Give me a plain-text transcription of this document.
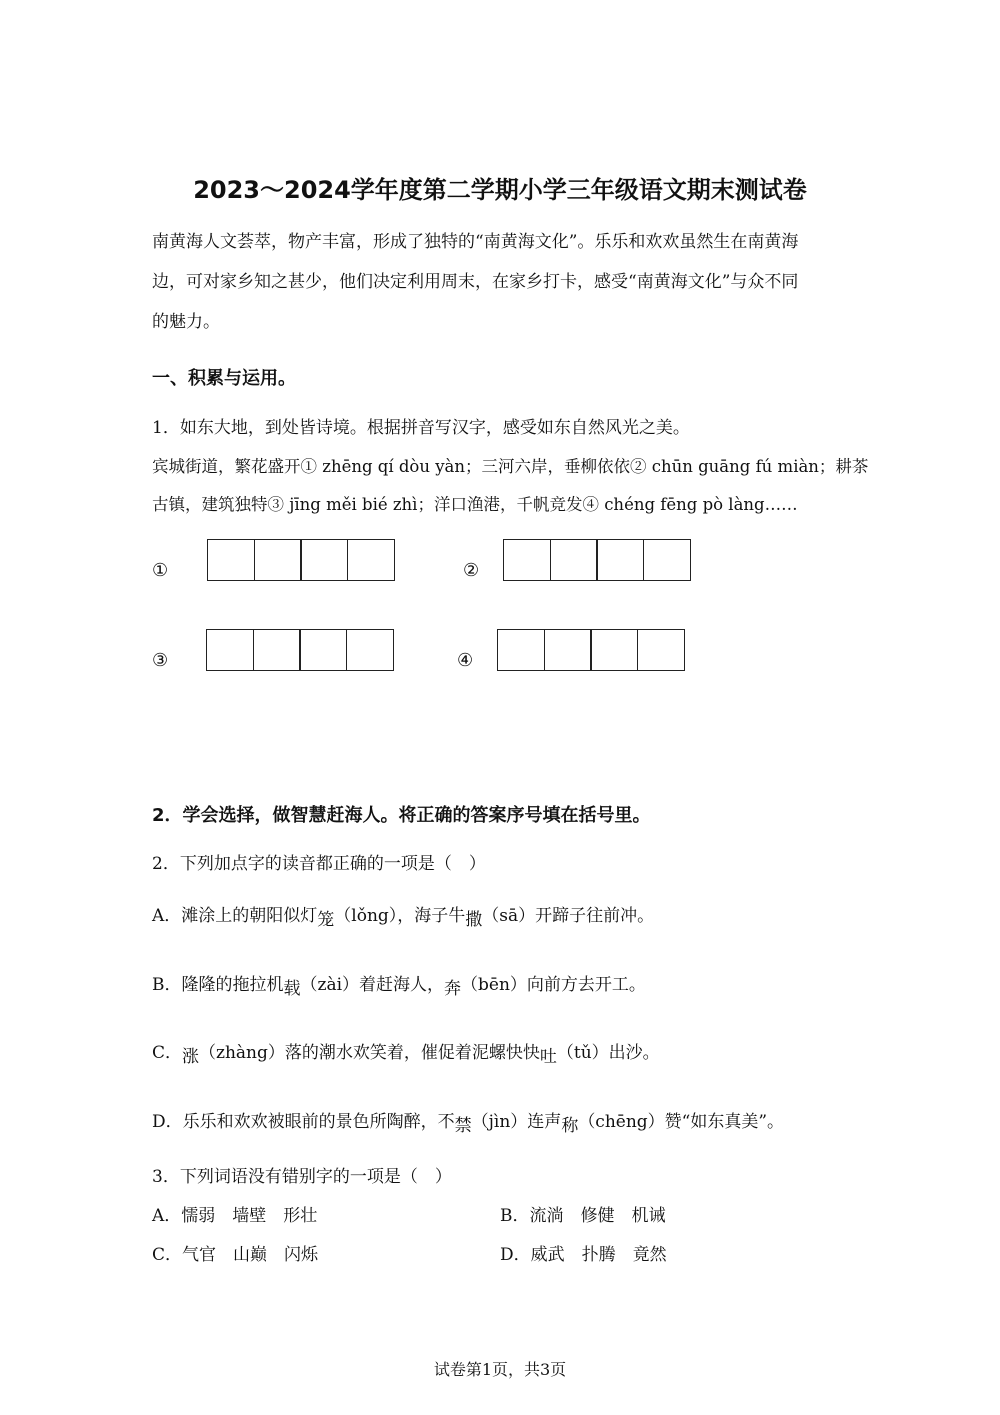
2023～2024学年度第二学期小学三年级语文期末测试卷
南黄海人文荟萃，物产丰富，形成了独特的“南黄海文化”。乐乐和欢欢虽然生在南黄海
边，可对家乡知之甚少，他们决定利用周末，在家乡打卡，感受“南黄海文化”与众不同
的魅力。
一、积累与运用。
1．如东大地，到处皆诗境。根据拼音写汉字，感受如东自然风光之美。
宾城街道，繁花盛开① zhēng qí dòu yàn；三河六岸，垂柳依依② chūn guāng fú miàn；耕茶
古镇，建筑独特③ jīng měi bié zhì；洋口渔港，千帆竞发④ chéng fēng pò làng……
①	②
③	④
2．学会选择，做智慧赶海人。将正确的答案序号填在括号里。
2．下列加点字的读音都正确的一项是（　）
A．滩涂上的朝阳似灯笼（lǒng），海子牛撒（sā）开蹄子往前冲。
B．隆隆的拖拉机载（zài）着赶海人，奔（bēn）向前方去开工。
C．涨（zhàng）落的潮水欢笑着，催促着泥螺快快吐（tǔ）出沙。
D．乐乐和欢欢被眼前的景色所陶醉，不禁（jìn）连声称（chēng）赞“如东真美”。
3．下列词语没有错别字的一项是（　）
A．懦弱　墙壁　形壮	B．流淌　修健　机诫
C．气官　山巅　闪烁	D．威武　扑腾　竟然
试卷第1页，共3页
